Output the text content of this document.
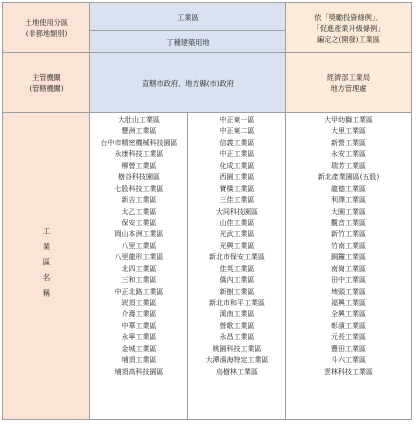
土地使用分區
(非都地類別)
工業區
丁種建築用地
依「獎勵投資條例」、
「促進產業升級條例」
編定之(開發)工業區
主管機關
(管轄機關)
直轄市政府、地方縣(市)政府
經濟部工業局
地方管理處
工業區名稱
大肚山工業區
豐洲工業區
台中市精密機械科技園區
永康科技工業區
柳營工業區
樹谷科技園區
七股科技工業區
新吉工業區
太乙工業區
保安工業區
岡山本洲工業區
八里工業區
八里龍形工業區
北四工業區
三和工業區
中正北路工業區
崁頂工業區
介壽工業區
中華工業區
永寧工業區
金城工業區
埔頂工業區
埔頂高科技園區
中正東一區
中正東二區
信義工業區
中正工業區
化成工業區
西園工業區
寶橋工業區
三佳工業區
大同科技園區
山佳工業區
光武工業區
光興工業區
新北市保安工業區
佳英工業區
僑內工業區
新樹工業區
新北市和平工業區
溪南工業區
營歌工業區
永昌工業區
桃園科技工業區
大潭濱海特定工業區
烏樹林工業區
大甲幼獅工業區
大里工業區
新營工業區
永安工業區
瑞芳工業區
新北產業園區(五股)
龍德工業區
利澤工業區
大園工業區
觀音工業區
新竹工業區
竹南工業區
銅鑼工業區
南崗工業區
田中工業區
埤頭工業區
福興工業區
全興工業區
彰濱工業區
元長工業區
豐田工業區
斗六工業區
雲林科技工業區
